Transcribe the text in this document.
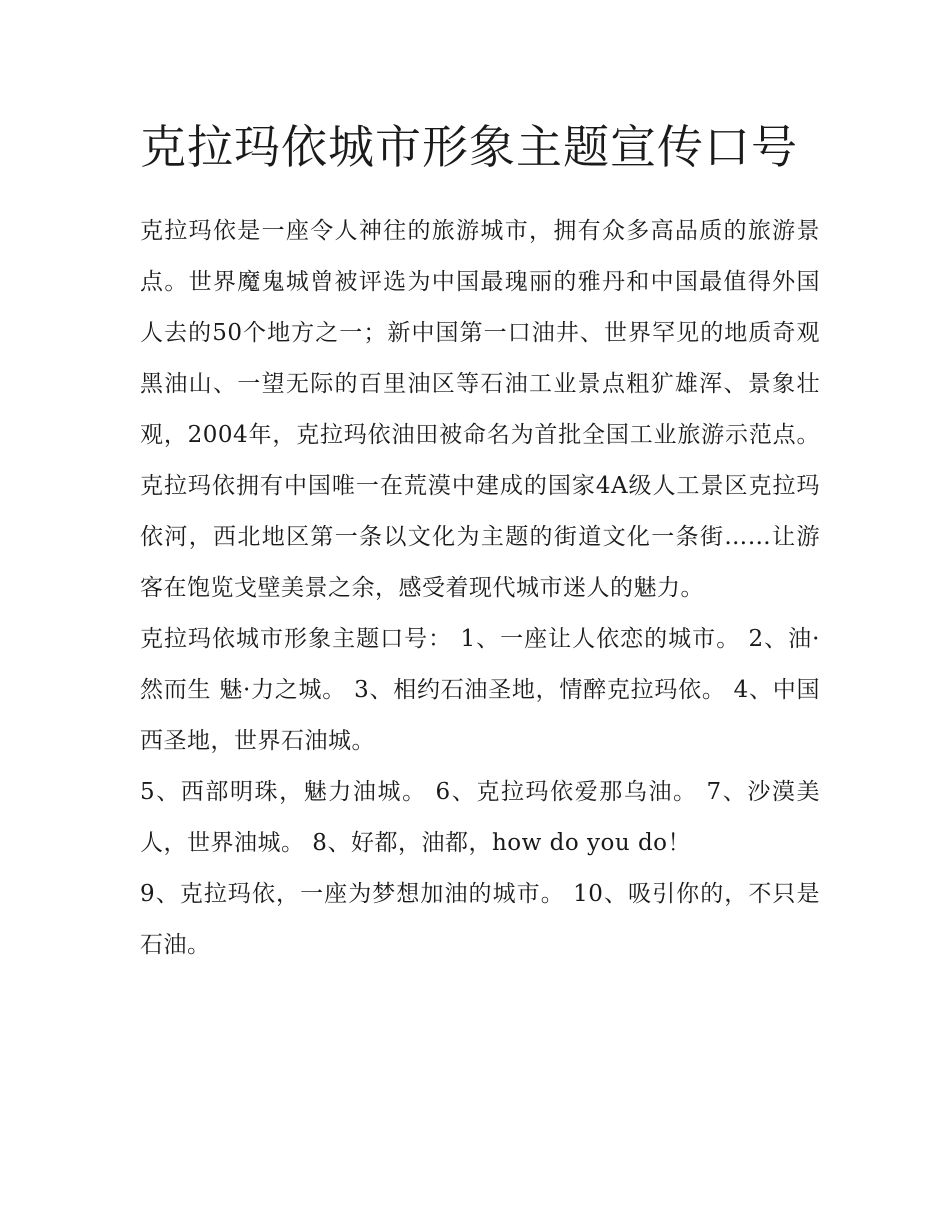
克拉玛依城市形象主题宣传口号

克拉玛依是一座令人神往的旅游城市，拥有众多高品质的旅游景点。世界魔鬼城曾被评选为中国最瑰丽的雅丹和中国最值得外国人去的50个地方之一；新中国第一口油井、世界罕见的地质奇观黑油山、一望无际的百里油区等石油工业景点粗犷雄浑、景象壮观，2004年，克拉玛依油田被命名为首批全国工业旅游示范点。克拉玛依拥有中国唯一在荒漠中建成的国家4A级人工景区克拉玛依河，西北地区第一条以文化为主题的街道文化一条街……让游客在饱览戈壁美景之余，感受着现代城市迷人的魅力。

克拉玛依城市形象主题口号： 1、一座让人依恋的城市。 2、油·然而生 魅·力之城。 3、相约石油圣地，情醉克拉玛依。 4、中国西圣地，世界石油城。

5、西部明珠，魅力油城。 6、克拉玛依爱那乌油。 7、沙漠美人，世界油城。 8、好都，油都，how do you do！

9、克拉玛依，一座为梦想加油的城市。 10、吸引你的，不只是石油。
